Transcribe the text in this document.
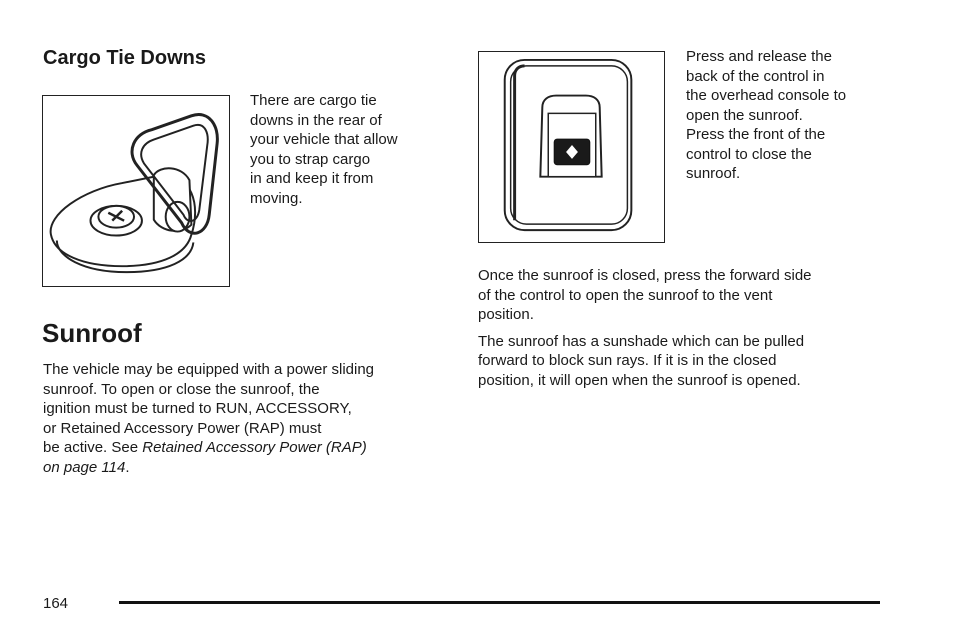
Cargo Tie Downs
There are cargo tie
downs in the rear of
your vehicle that allow
you to strap cargo
in and keep it from
moving.
Sunroof
The vehicle may be equipped with a power sliding
sunroof. To open or close the sunroof, the
ignition must be turned to RUN, ACCESSORY,
or Retained Accessory Power (RAP) must
be active. See Retained Accessory Power (RAP)
on page 114.
Press and release the
back of the control in
the overhead console to
open the sunroof.
Press the front of the
control to close the
sunroof.
Once the sunroof is closed, press the forward side
of the control to open the sunroof to the vent
position.
The sunroof has a sunshade which can be pulled
forward to block sun rays. If it is in the closed
position, it will open when the sunroof is opened.
164
